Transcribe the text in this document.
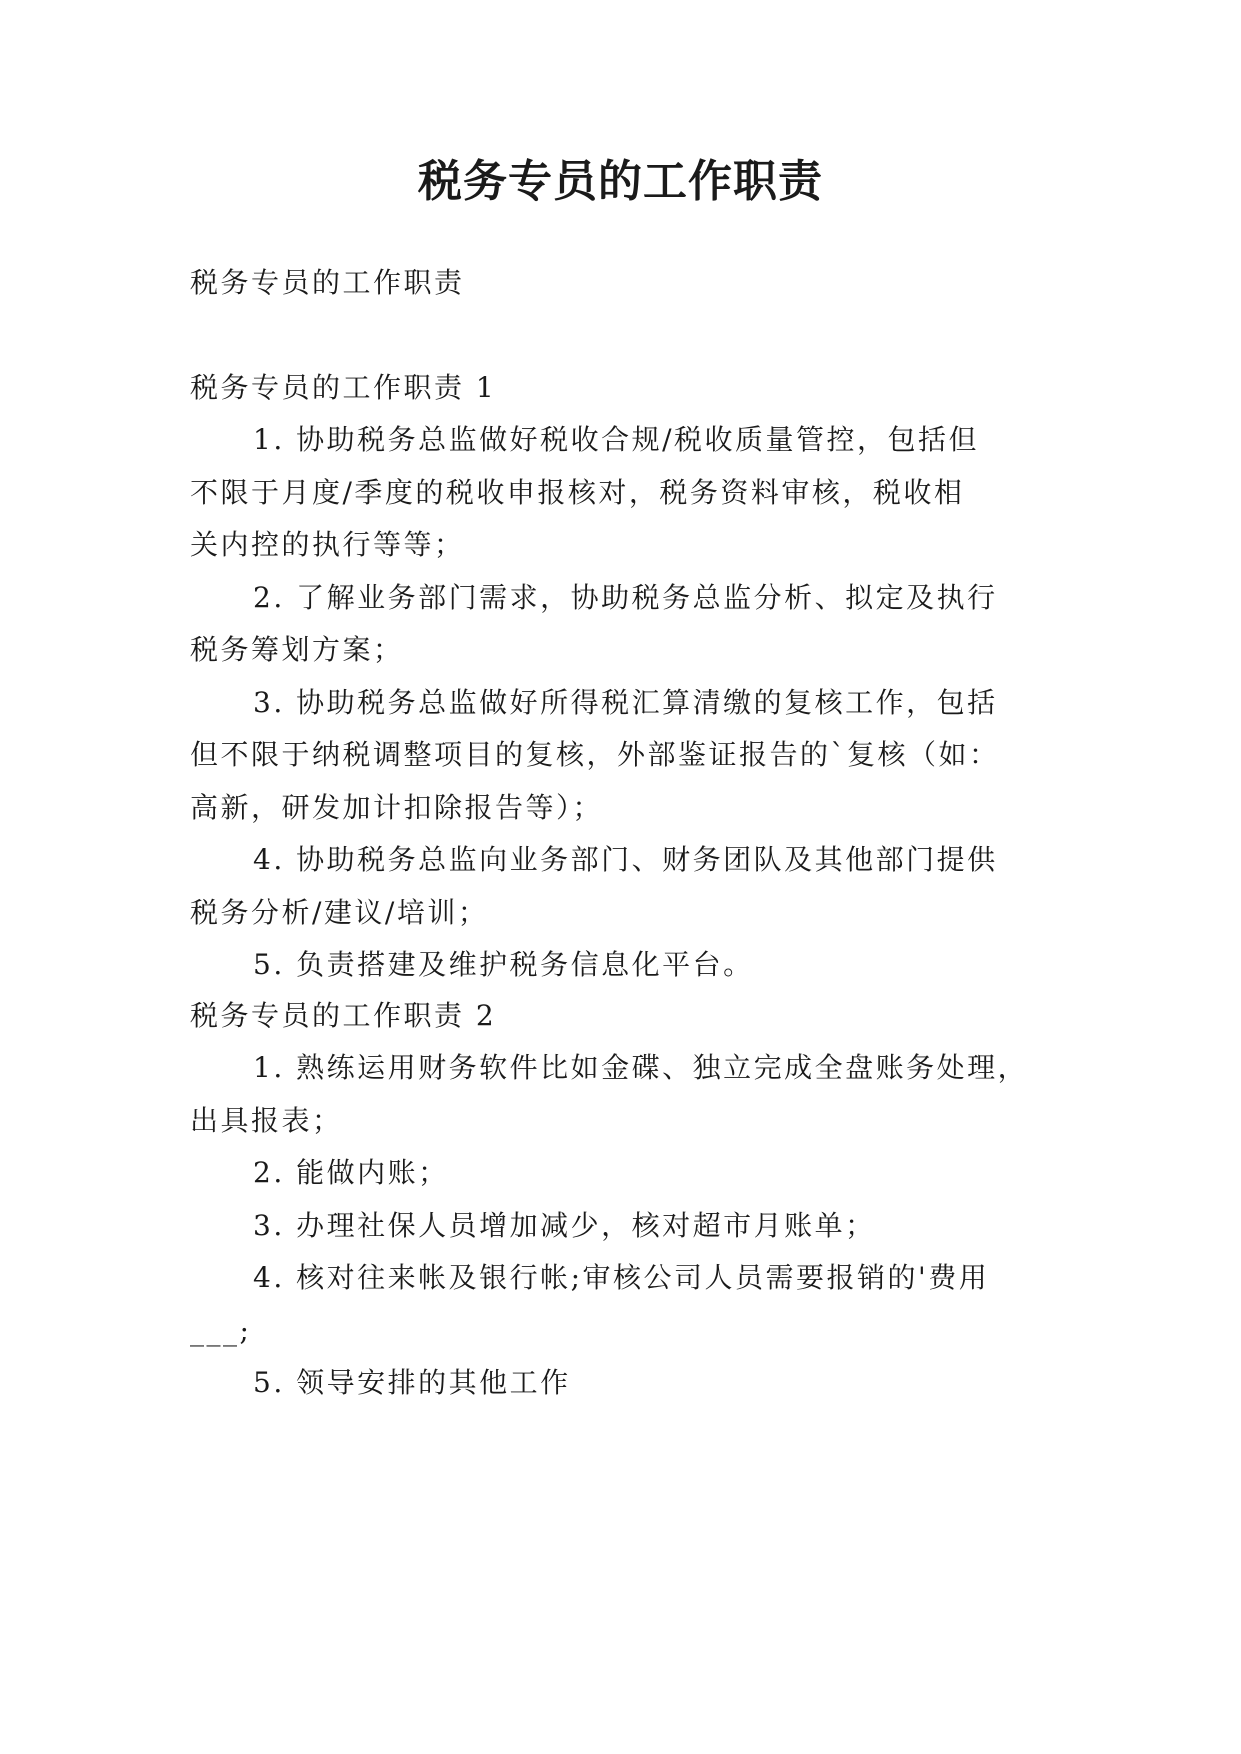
税务专员的工作职责

税务专员的工作职责

税务专员的工作职责 1

1. 协助税务总监做好税收合规/税收质量管控，包括但

不限于月度/季度的税收申报核对，税务资料审核，税收相

关内控的执行等等；

2. 了解业务部门需求，协助税务总监分析、拟定及执行

税务筹划方案；

3. 协助税务总监做好所得税汇算清缴的复核工作，包括

但不限于纳税调整项目的复核，外部鉴证报告的`复核（如：

高新，研发加计扣除报告等）；

4. 协助税务总监向业务部门、财务团队及其他部门提供

税务分析/建议/培训；

5. 负责搭建及维护税务信息化平台。

税务专员的工作职责 2

1. 熟练运用财务软件比如金碟、独立完成全盘账务处理，

出具报表；

2. 能做内账；

3. 办理社保人员增加减少，核对超市月账单；

4. 核对往来帐及银行帐;审核公司人员需要报销的'费用

___;

5. 领导安排的其他工作
